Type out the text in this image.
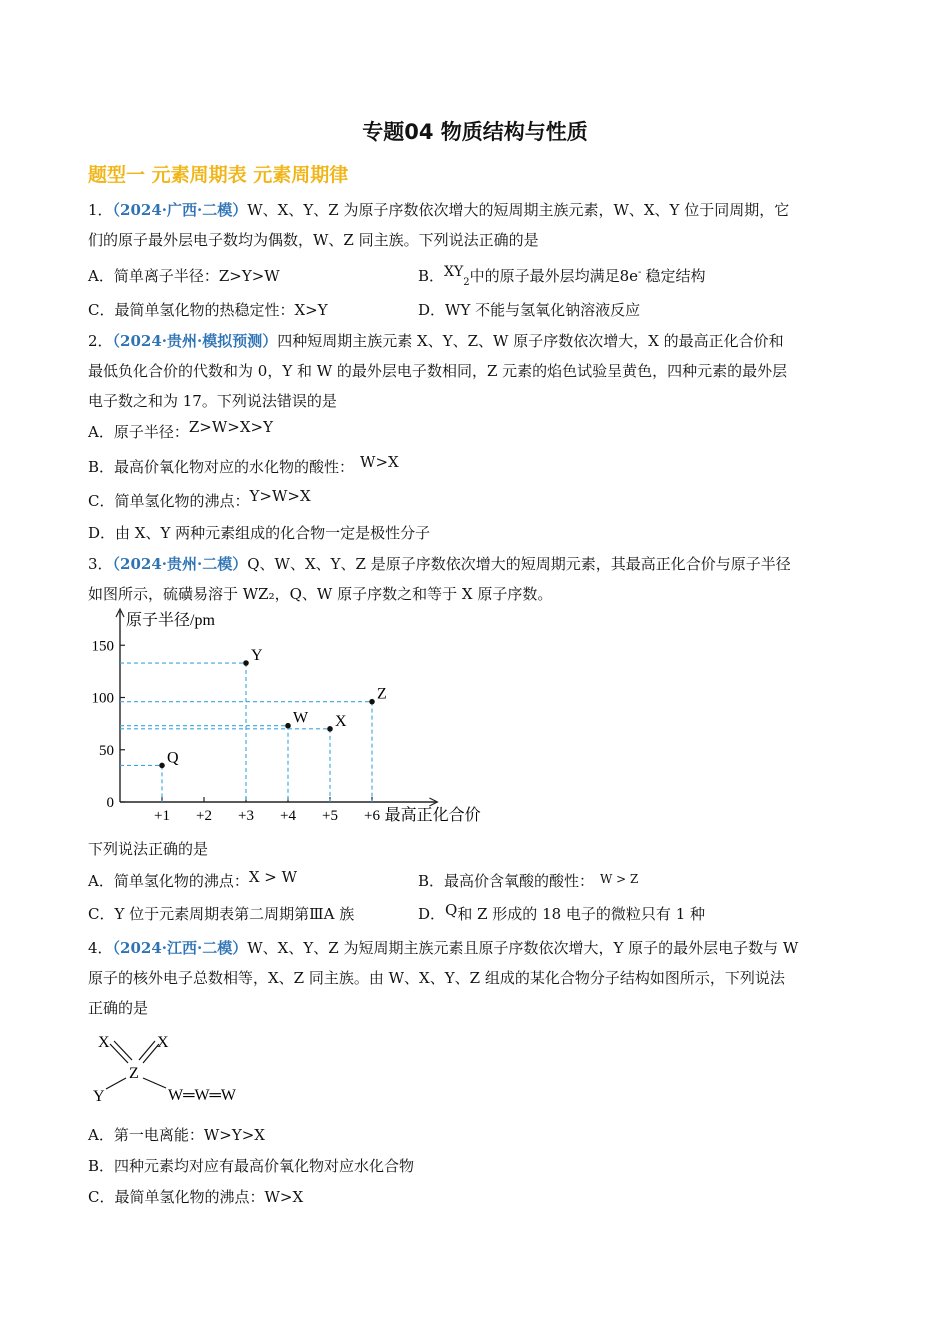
专题04 物质结构与性质
题型一 元素周期表 元素周期律
1．（2024·广西·二模）W、X、Y、Z 为原子序数依次增大的短周期主族元素，W、X、Y 位于同周期，它
们的原子最外层电子数均为偶数，W、Z 同主族。下列说法正确的是
A．简单离子半径：Z>Y>W	B．$XY_2$中的原子最外层均满足8e- 稳定结构
C．最简单氢化物的热稳定性：X>Y	D．WY 不能与氢氧化钠溶液反应
2．（2024·贵州·模拟预测）四种短周期主族元素 X、Y、Z、W 原子序数依次增大，X 的最高正化合价和
最低负化合价的代数和为 0，Y 和 W 的最外层电子数相同，Z 元素的焰色试验呈黄色，四种元素的最外层
电子数之和为 17。下列说法错误的是
A．原子半径：Z>W>X>Y
B．最高价氧化物对应的水化物的酸性： W>X
C．简单氢化物的沸点：Y>W>X
D．由 X、Y 两种元素组成的化合物一定是极性分子
3．（2024·贵州·二模）Q、W、X、Y、Z 是原子序数依次增大的短周期元素，其最高正化合价与原子半径
如图所示，硫磺易溶于 WZ₂，Q、W 原子序数之和等于 X 原子序数。
原子半径/pm
最高正化合价
0
50
100
150
+1 +2 +3 +4 +5 +6
Q
Y
W X
Z
下列说法正确的是
A．简单氢化物的沸点：X > W	B．最高价含氧酸的酸性： $^{W > Z}$
C．Y 位于元素周期表第二周期第ⅢA 族	D．Q和 Z 形成的 18 电子的微粒只有 1 种
4．（2024·江西·二模）W、X、Y、Z 为短周期主族元素且原子序数依次增大，Y 原子的最外层电子数与 W
原子的核外电子总数相等，X、Z 同主族。由 W、X、Y、Z 组成的某化合物分子结构如图所示，下列说法
正确的是
X	X
Z
Y	W═W═W
A．第一电离能：W>Y>X
B．四种元素均对应有最高价氧化物对应水化合物
C．最简单氢化物的沸点：W>X
